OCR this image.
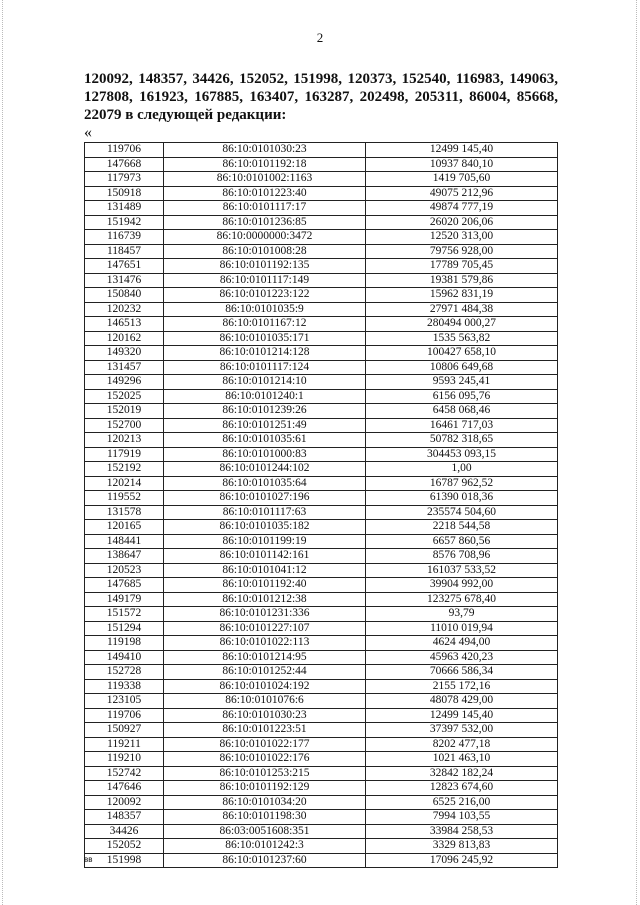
2
120092, 148357, 34426, 152052, 151998, 120373, 152540, 116983, 149063, 127808, 161923, 167885, 163407, 163287, 202498, 205311, 86004, 85668, 22079 в следующей редакции:
«
119706	86:10:0101030:23	12499 145,40
147668	86:10:0101192:18	10937 840,10
117973	86:10:0101002:1163	1419 705,60
150918	86:10:0101223:40	49075 212,96
131489	86:10:0101117:17	49874 777,19
151942	86:10:0101236:85	26020 206,06
116739	86:10:0000000:3472	12520 313,00
118457	86:10:0101008:28	79756 928,00
147651	86:10:0101192:135	17789 705,45
131476	86:10:0101117:149	19381 579,86
150840	86:10:0101223:122	15962 831,19
120232	86:10:0101035:9	27971 484,38
146513	86:10:0101167:12	280494 000,27
120162	86:10:0101035:171	1535 563,82
149320	86:10:0101214:128	100427 658,10
131457	86:10:0101117:124	10806 649,68
149296	86:10:0101214:10	9593 245,41
152025	86:10:0101240:1	6156 095,76
152019	86:10:0101239:26	6458 068,46
152700	86:10:0101251:49	16461 717,03
120213	86:10:0101035:61	50782 318,65
117919	86:10:0101000:83	304453 093,15
152192	86:10:0101244:102	1,00
120214	86:10:0101035:64	16787 962,52
119552	86:10:0101027:196	61390 018,36
131578	86:10:0101117:63	235574 504,60
120165	86:10:0101035:182	2218 544,58
148441	86:10:0101199:19	6657 860,56
138647	86:10:0101142:161	8576 708,96
120523	86:10:0101041:12	161037 533,52
147685	86:10:0101192:40	39904 992,00
149179	86:10:0101212:38	123275 678,40
151572	86:10:0101231:336	93,79
151294	86:10:0101227:107	11010 019,94
119198	86:10:0101022:113	4624 494,00
149410	86:10:0101214:95	45963 420,23
152728	86:10:0101252:44	70666 586,34
119338	86:10:0101024:192	2155 172,16
123105	86:10:0101076:6	48078 429,00
119706	86:10:0101030:23	12499 145,40
150927	86:10:0101223:51	37397 532,00
119211	86:10:0101022:177	8202 477,18
119210	86:10:0101022:176	1021 463,10
152742	86:10:0101253:215	32842 182,24
147646	86:10:0101192:129	12823 674,60
120092	86:10:0101034:20	6525 216,00
148357	86:10:0101198:30	7994 103,55
34426	86:03:0051608:351	33984 258,53
152052	86:10:0101242:3	3329 813,83
151998	86:10:0101237:60	17096 245,92
вв
